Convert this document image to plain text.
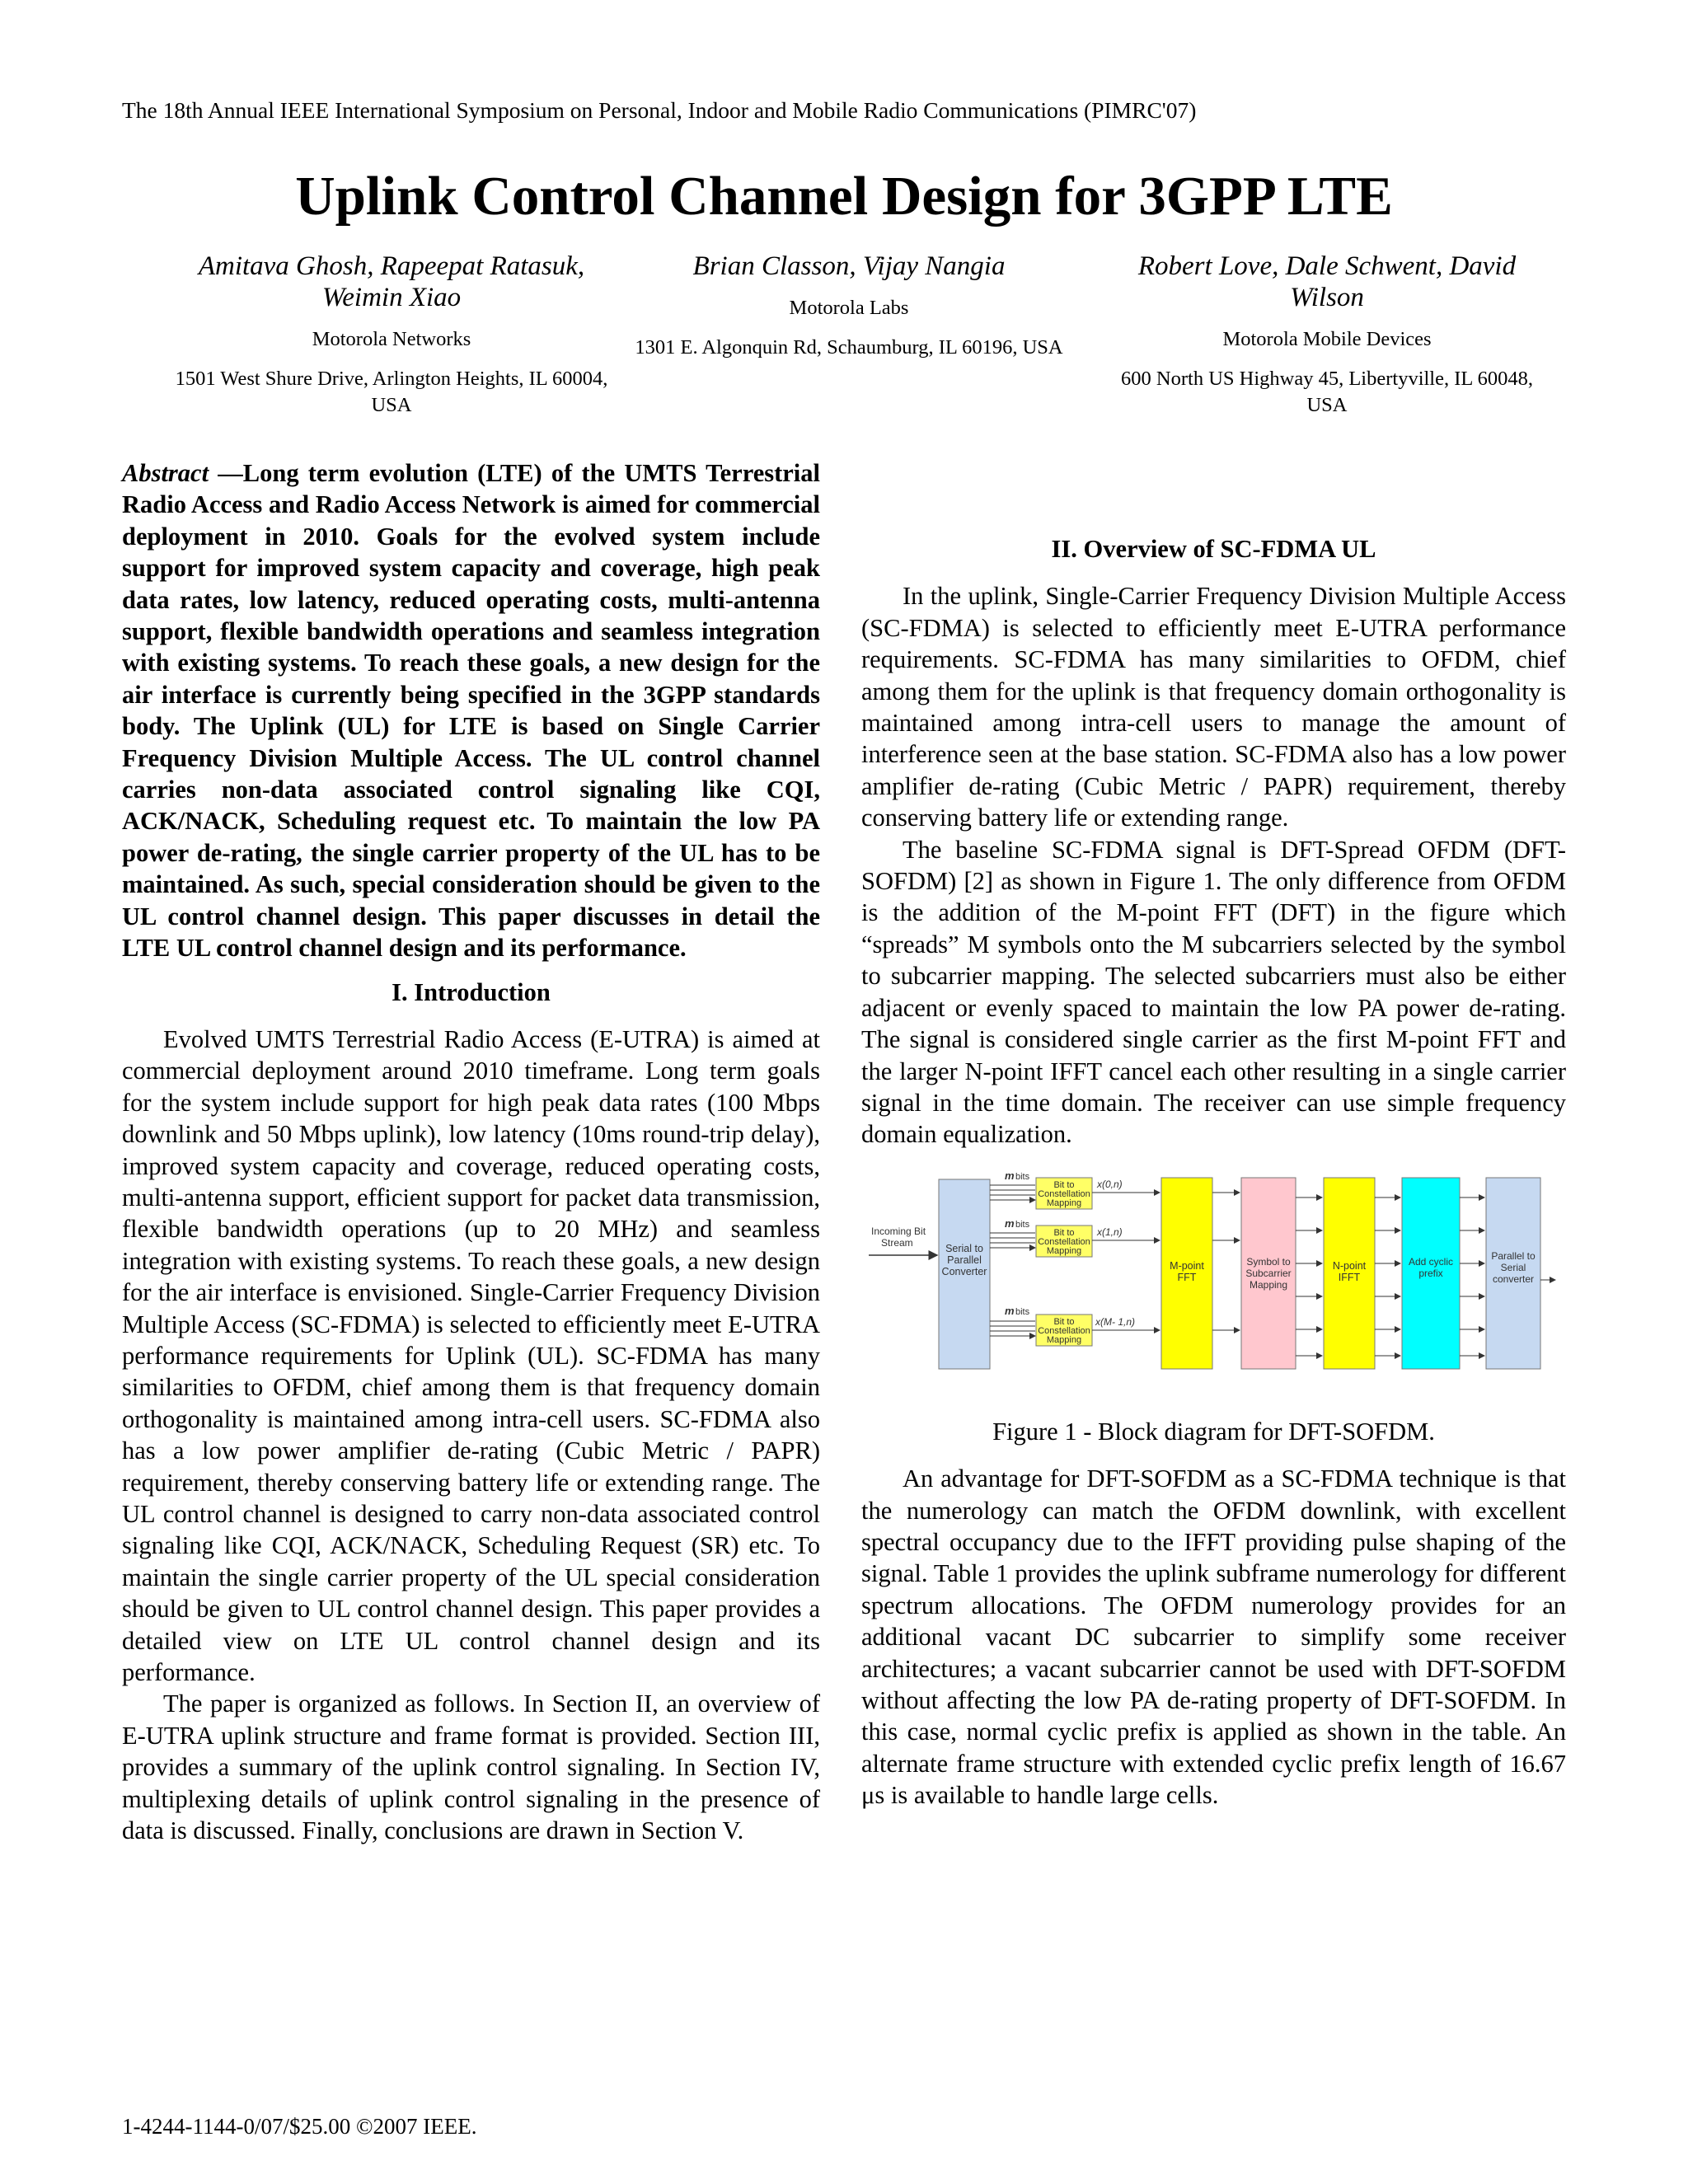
The 18th Annual IEEE International Symposium on Personal, Indoor and Mobile Radio Communications (PIMRC'07)
Uplink Control Channel Design for 3GPP LTE
Amitava Ghosh, Rapeepat Ratasuk, Weimin Xiao
Motorola Networks
1501 West Shure Drive, Arlington Heights, IL 60004, USA
Brian Classon, Vijay Nangia
Motorola Labs
1301 E. Algonquin Rd, Schaumburg, IL 60196, USA
Robert Love, Dale Schwent, David Wilson
Motorola Mobile Devices
600 North US Highway 45, Libertyville, IL 60048, USA

Abstract —Long term evolution (LTE) of the UMTS Terrestrial Radio Access and Radio Access Network is aimed for commercial deployment in 2010. Goals for the evolved system include support for improved system capacity and coverage, high peak data rates, low latency, reduced operating costs, multi-antenna support, flexible bandwidth operations and seamless integration with existing systems. To reach these goals, a new design for the air interface is currently being specified in the 3GPP standards body. The Uplink (UL) for LTE is based on Single Carrier Frequency Division Multiple Access. The UL control channel carries non-data associated control signaling like CQI, ACK/NACK, Scheduling request etc. To maintain the low PA power de-rating, the single carrier property of the UL has to be maintained. As such, special consideration should be given to the UL control channel design. This paper discusses in detail the LTE UL control channel design and its performance.

I. Introduction

Evolved UMTS Terrestrial Radio Access (E-UTRA) is aimed at commercial deployment around 2010 timeframe. Long term goals for the system include support for high peak data rates (100 Mbps downlink and 50 Mbps uplink), low latency (10ms round-trip delay), improved system capacity and coverage, reduced operating costs, multi-antenna support, efficient support for packet data transmission, flexible bandwidth operations (up to 20 MHz) and seamless integration with existing systems. To reach these goals, a new design for the air interface is envisioned. Single-Carrier Frequency Division Multiple Access (SC-FDMA) is selected to efficiently meet E-UTRA performance requirements for Uplink (UL). SC-FDMA has many similarities to OFDM, chief among them is that frequency domain orthogonality is maintained among intra-cell users. SC-FDMA also has a low power amplifier de-rating (Cubic Metric / PAPR) requirement, thereby conserving battery life or extending range. The UL control channel is designed to carry non-data associated control signaling like CQI, ACK/NACK, Scheduling Request (SR) etc. To maintain the single carrier property of the UL special consideration should be given to UL control channel design. This paper provides a detailed view on LTE UL control channel design and its performance.

The paper is organized as follows. In Section II, an overview of E-UTRA uplink structure and frame format is provided. Section III, provides a summary of the uplink control signaling. In Section IV, multiplexing details of uplink control signaling in the presence of data is discussed. Finally, conclusions are drawn in Section V.

II. Overview of SC-FDMA UL

In the uplink, Single-Carrier Frequency Division Multiple Access (SC-FDMA) is selected to efficiently meet E-UTRA performance requirements. SC-FDMA has many similarities to OFDM, chief among them for the uplink is that frequency domain orthogonality is maintained among intra-cell users to manage the amount of interference seen at the base station. SC-FDMA also has a low power amplifier de-rating (Cubic Metric / PAPR) requirement, thereby conserving battery life or extending range.

The baseline SC-FDMA signal is DFT-Spread OFDM (DFT-SOFDM) [2] as shown in Figure 1. The only difference from OFDM is the addition of the M-point FFT (DFT) in the figure which “spreads” M symbols onto the M subcarriers selected by the symbol to subcarrier mapping. The selected subcarriers must also be either adjacent or evenly spaced to maintain the low PA power de-rating. The signal is considered single carrier as the first M-point FFT and the larger N-point IFFT cancel each other resulting in a single carrier signal in the time domain. The receiver can use simple frequency domain equalization.

Incoming Bit
Stream	Serial to
Parallel
Converter
m bits
Bit to
Constellation
Mapping
x(0,n)
m bits
Bit to
Constellation
Mapping
x(1,n)
m bits
Bit to
Constellation
Mapping
x(M- 1,n)
M-point
FFT
Symbol to
Subcarrier
Mapping
N-point
IFFT
Add cyclic
prefix
Parallel to
Serial
converter

Figure 1 - Block diagram for DFT-SOFDM.

An advantage for DFT-SOFDM as a SC-FDMA technique is that the numerology can match the OFDM downlink, with excellent spectral occupancy due to the IFFT providing pulse shaping of the signal. Table 1 provides the uplink subframe numerology for different spectrum allocations. The OFDM numerology provides for an additional vacant DC subcarrier to simplify some receiver architectures; a vacant subcarrier cannot be used with DFT-SOFDM without affecting the low PA de-rating property of DFT-SOFDM. In this case, normal cyclic prefix is applied as shown in the table. An alternate frame structure with extended cyclic prefix length of 16.67 μs is available to handle large cells.

1-4244-1144-0/07/$25.00 ©2007 IEEE.
